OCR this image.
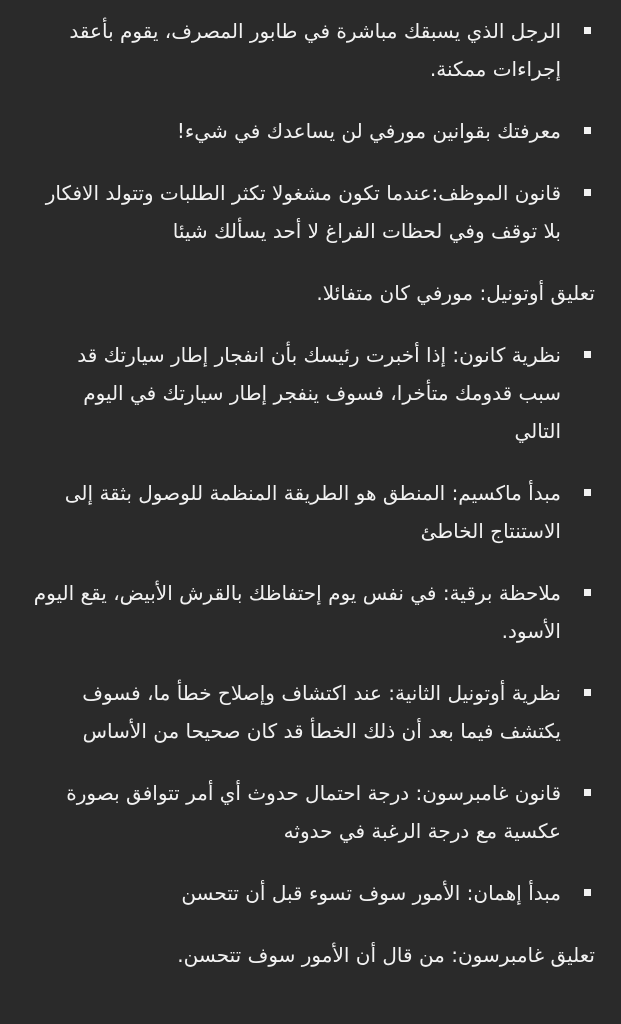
الرجل الذي يسبقك مباشرة في طابور المصرف، يقوم بأعقد إجراءات ممكنة.
معرفتك بقوانين مورفي لن يساعدك في شيء!
قانون الموظف:عندما تكون مشغولا تكثر الطلبات وتتولد الافكار بلا توقف وفي لحظات الفراغ لا أحد يسألك شيئا
تعليق أوتونيل: مورفي كان متفائلا.
نظرية كانون: إذا أخبرت رئيسك بأن انفجار إطار سيارتك قد سبب قدومك متأخرا، فسوف ينفجر إطار سيارتك في اليوم التالي
مبدأ ماكسيم: المنطق هو الطريقة المنظمة للوصول بثقة إلى الاستنتاج الخاطئ
ملاحظة برقية: في نفس يوم إحتفاظك بالقرش الأبيض، يقع اليوم الأسود.
نظرية أوتونيل الثانية: عند اكتشاف وإصلاح خطأ ما، فسوف يكتشف فيما بعد أن ذلك الخطأ قد كان صحيحا من الأساس
قانون غامبرسون: درجة احتمال حدوث أي أمر تتوافق بصورة عكسية مع درجة الرغبة في حدوثه
مبدأ إهمان: الأمور سوف تسوء قبل أن تتحسن
تعليق غامبرسون: من قال أن الأمور سوف تتحسن.
